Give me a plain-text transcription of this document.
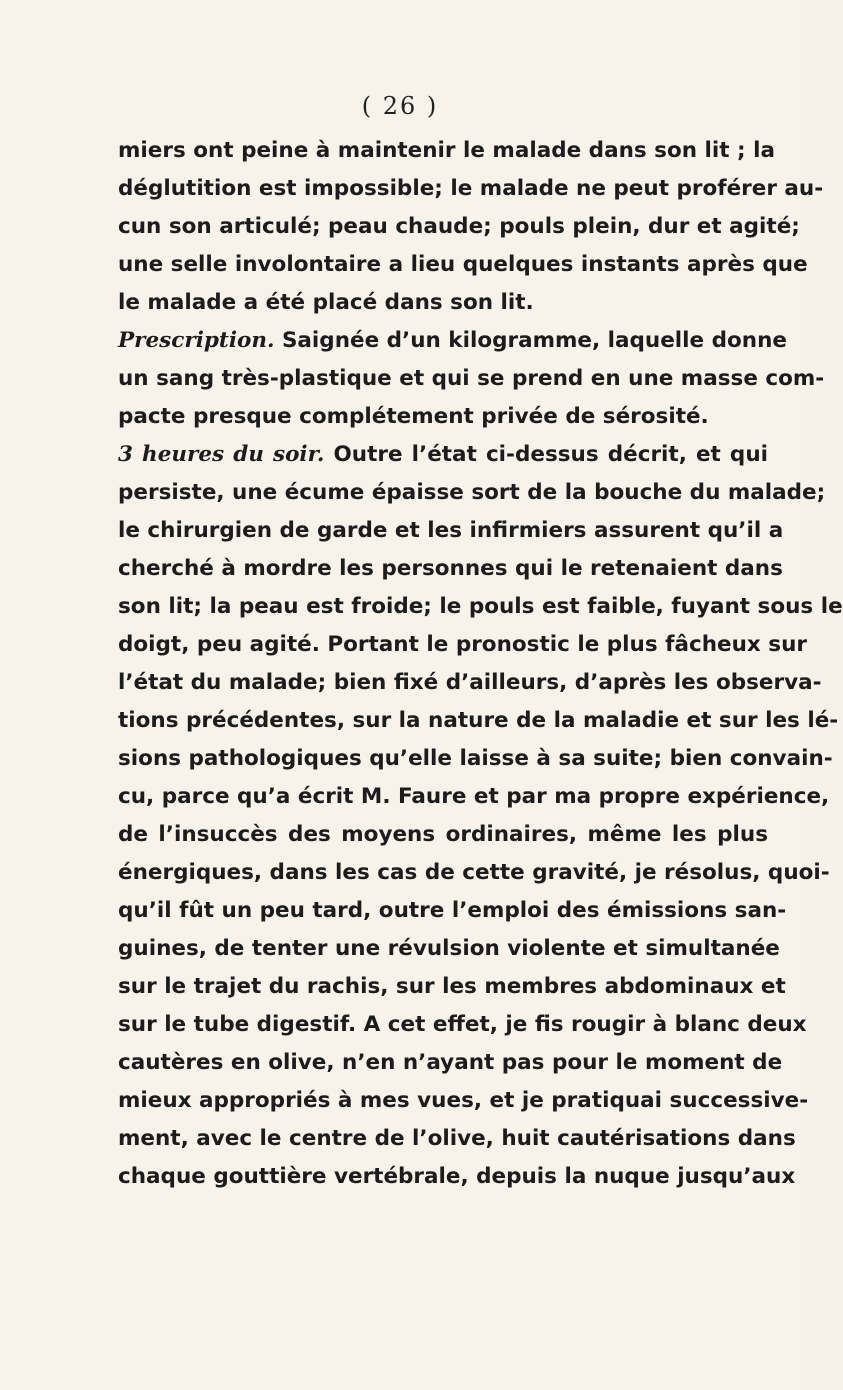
( 26 )
miers ont peine à maintenir le malade dans son lit ; la
déglutition est impossible; le malade ne peut proférer au-
cun son articulé; peau chaude; pouls plein, dur et agité;
une selle involontaire a lieu quelques instants après que
le malade a été placé dans son lit.
Prescription. Saignée d’un kilogramme, laquelle donne
un sang très-plastique et qui se prend en une masse com-
pacte presque complétement privée de sérosité.
3 heures du soir. Outre l’état ci-dessus décrit, et qui
persiste, une écume épaisse sort de la bouche du malade;
le chirurgien de garde et les infirmiers assurent qu’il a
cherché à mordre les personnes qui le retenaient dans
son lit; la peau est froide; le pouls est faible, fuyant sous le
doigt, peu agité. Portant le pronostic le plus fâcheux sur
l’état du malade; bien fixé d’ailleurs, d’après les observa-
tions précédentes, sur la nature de la maladie et sur les lé-
sions pathologiques qu’elle laisse à sa suite; bien convain-
cu, parce qu’a écrit M. Faure et par ma propre expérience,
de l’insuccès des moyens ordinaires, même les plus
énergiques, dans les cas de cette gravité, je résolus, quoi-
qu’il fût un peu tard, outre l’emploi des émissions san-
guines, de tenter une révulsion violente et simultanée
sur le trajet du rachis, sur les membres abdominaux et
sur le tube digestif. A cet effet, je fis rougir à blanc deux
cautères en olive, n’en n’ayant pas pour le moment de
mieux appropriés à mes vues, et je pratiquai successive-
ment, avec le centre de l’olive, huit cautérisations dans
chaque gouttière vertébrale, depuis la nuque jusqu’aux
